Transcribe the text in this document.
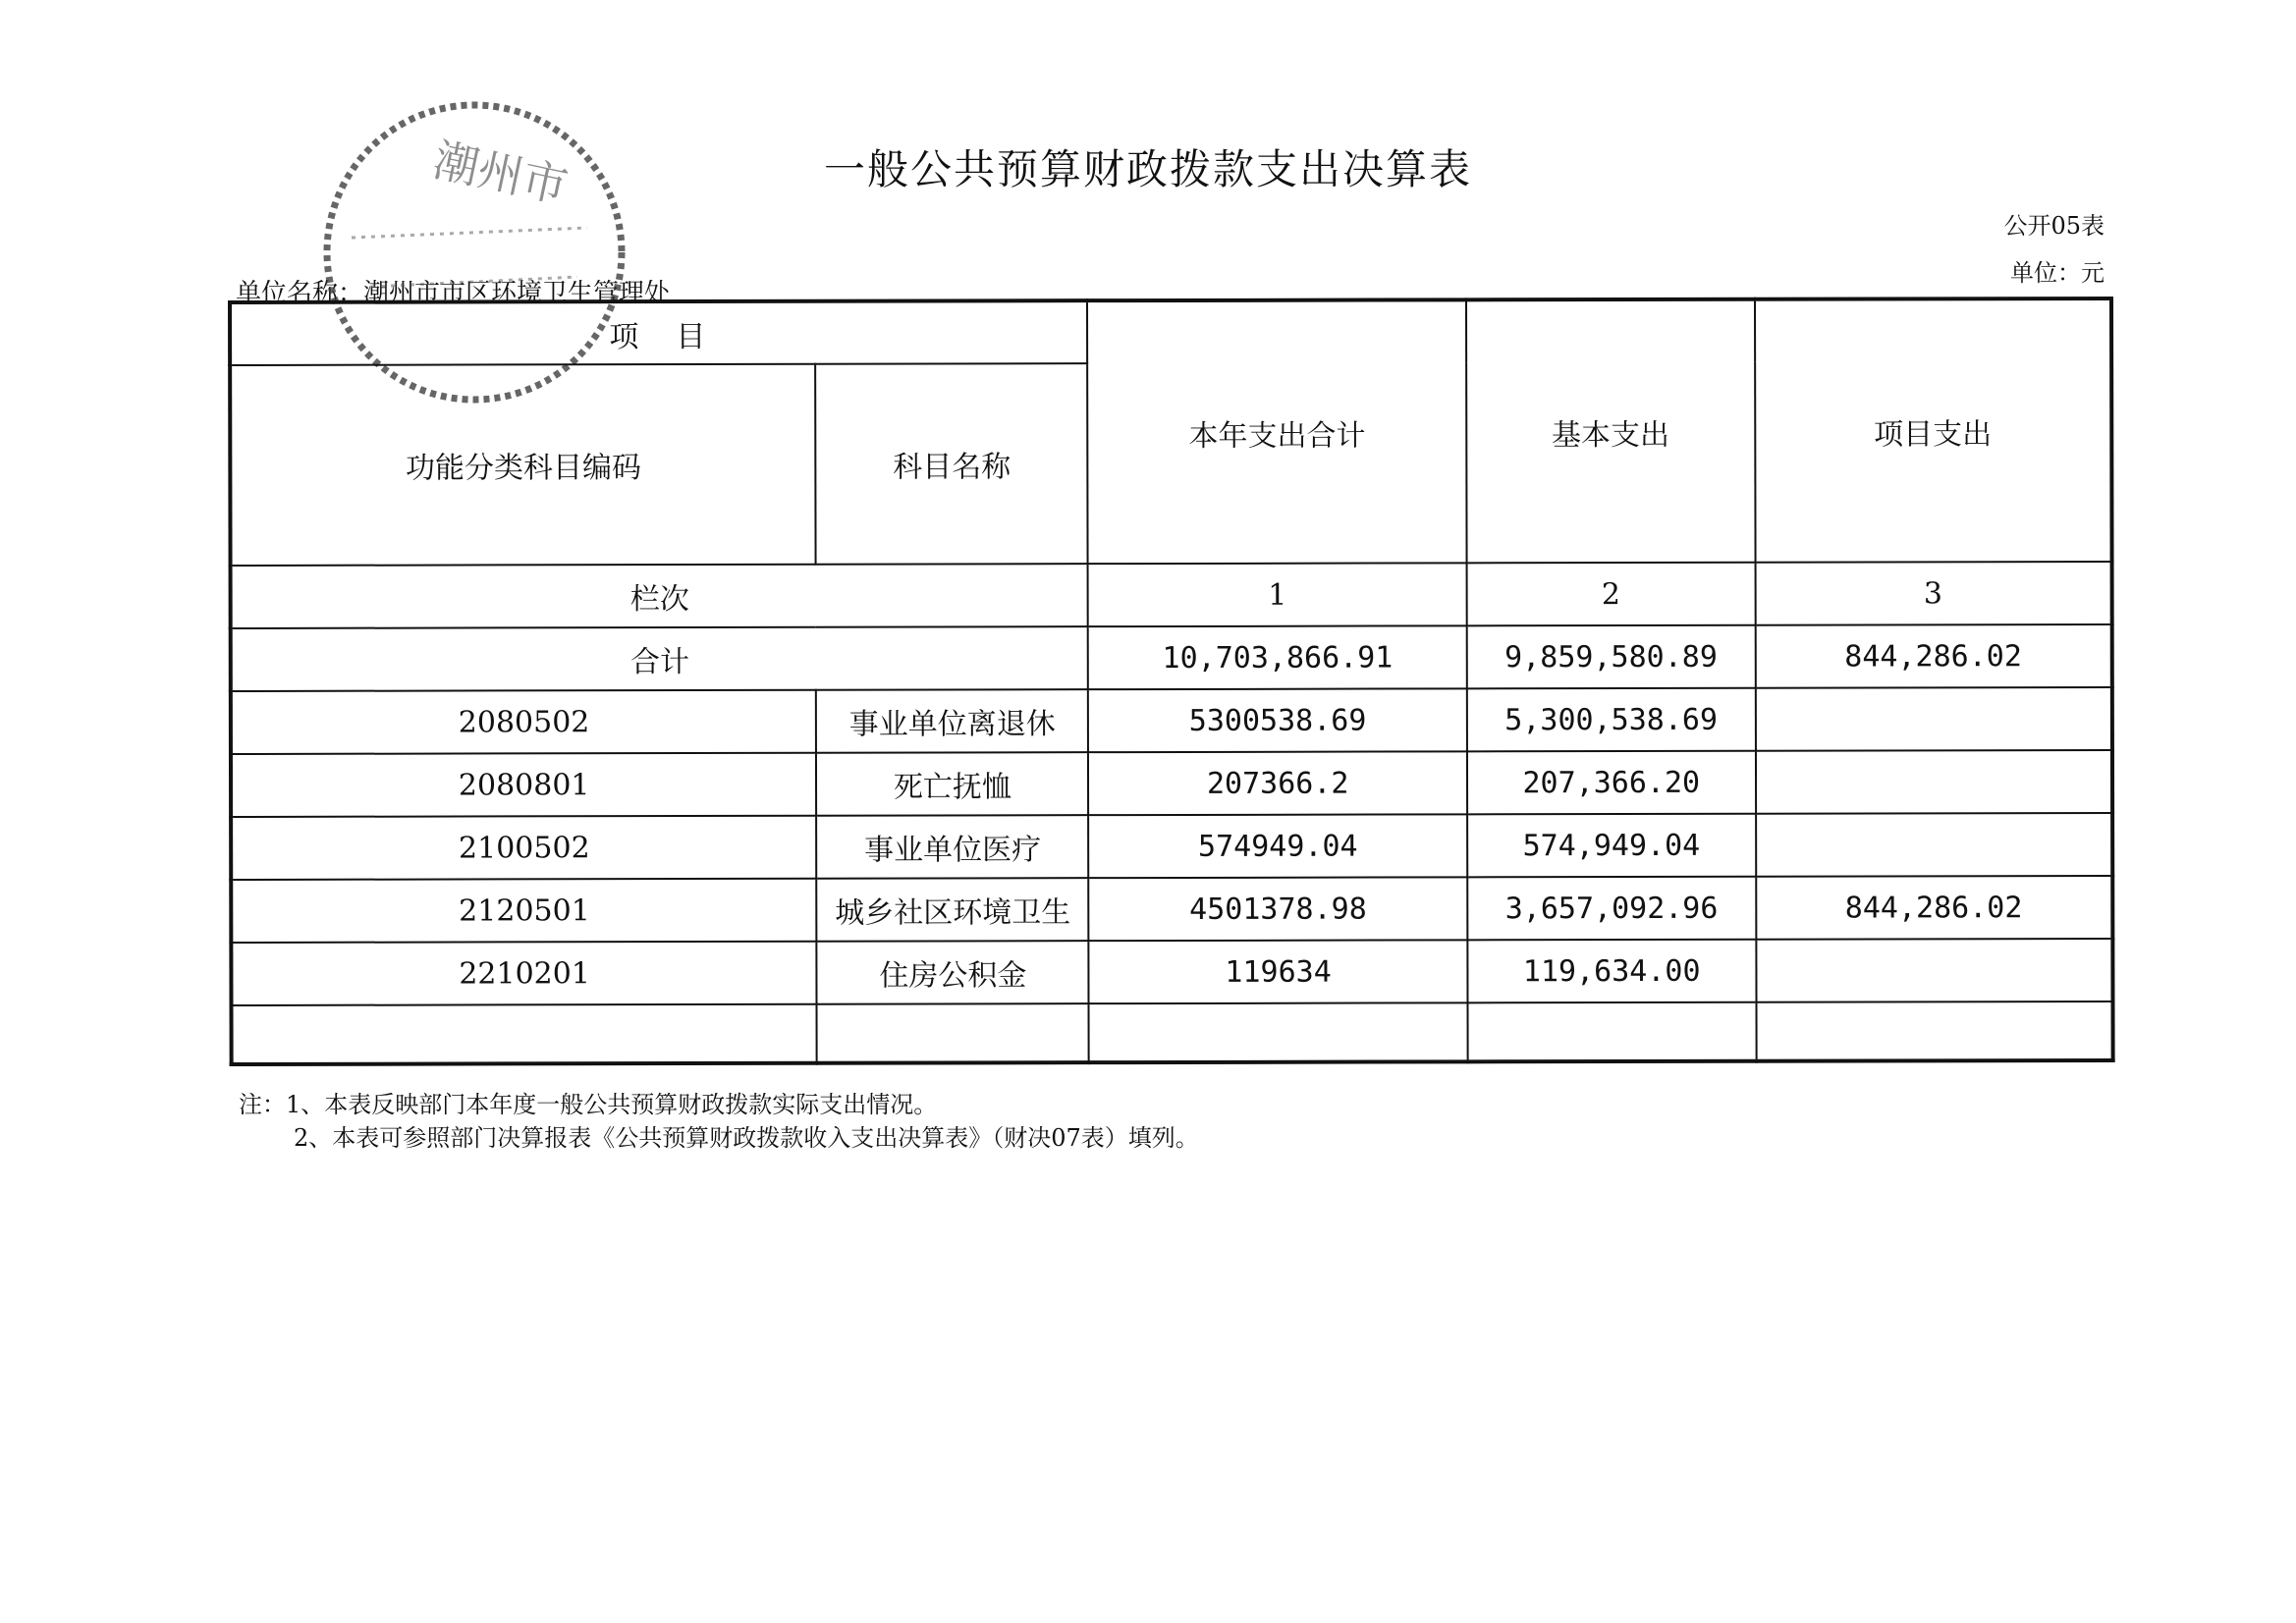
一般公共预算财政拨款支出决算表
公开05表
单位：元
单位名称：潮州市市区环境卫生管理处
潮州市
项　目		本年支出合计	基本支出	项目支出
功能分类科目编码	科目名称			
栏次		1	2	3
合计		10,703,866.91	9,859,580.89	844,286.02
2080502	事业单位离退休	5300538.69	5,300,538.69	
2080801	死亡抚恤	207366.2	207,366.20	
2100502	事业单位医疗	574949.04	574,949.04	
2120501	城乡社区环境卫生	4501378.98	3,657,092.96	844,286.02
2210201	住房公积金	119634	119,634.00	

注：1、本表反映部门本年度一般公共预算财政拨款实际支出情况。
2、本表可参照部门决算报表《公共预算财政拨款收入支出决算表》（财决07表）填列。
